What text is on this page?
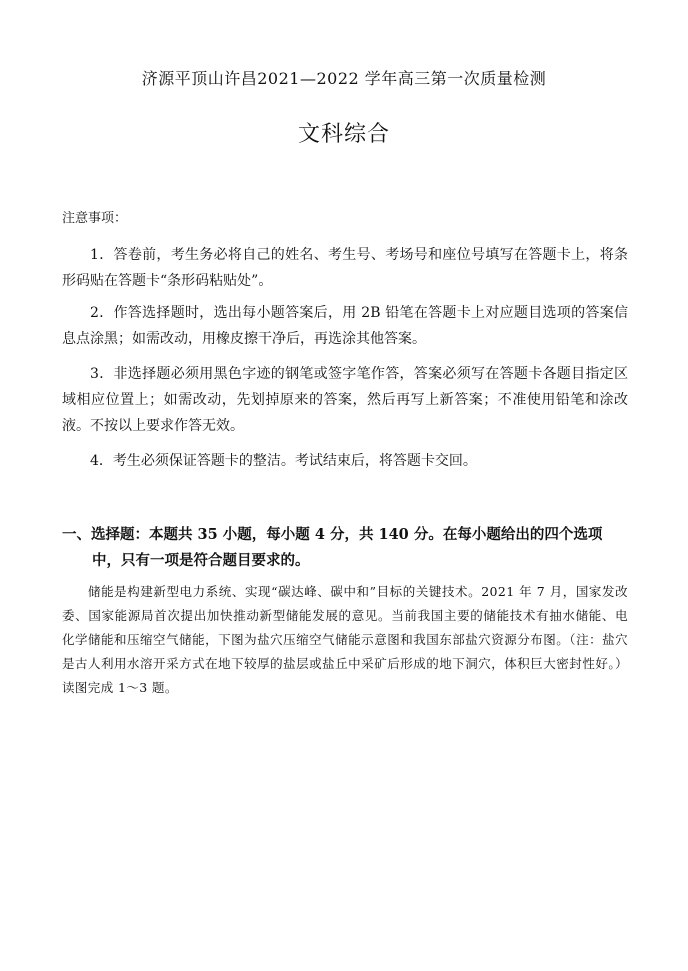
济源平顶山许昌2021—2022 学年高三第一次质量检测
文科综合
注意事项：
1．答卷前，考生务必将自己的姓名、考生号、考场号和座位号填写在答题卡上，将条形码贴在答题卡“条形码粘贴处”。
2．作答选择题时，选出每小题答案后，用 2B 铅笔在答题卡上对应题目选项的答案信息点涂黑；如需改动，用橡皮擦干净后，再选涂其他答案。
3．非选择题必须用黑色字迹的钢笔或签字笔作答，答案必须写在答题卡各题目指定区域相应位置上；如需改动，先划掉原来的答案，然后再写上新答案；不准使用铅笔和涂改液。不按以上要求作答无效。
4．考生必须保证答题卡的整洁。考试结束后，将答题卡交回。
一、选择题：本题共 35 小题，每小题 4 分，共 140 分。在每小题给出的四个选项中，只有一项是符合题目要求的。
储能是构建新型电力系统、实现“碳达峰、碳中和”目标的关键技术。2021 年 7 月，国家发改委、国家能源局首次提出加快推动新型储能发展的意见。当前我国主要的储能技术有抽水储能、电化学储能和压缩空气储能，下图为盐穴压缩空气储能示意图和我国东部盐穴资源分布图。（注：盐穴是古人利用水溶开采方式在地下较厚的盐层或盐丘中采矿后形成的地下洞穴，体积巨大密封性好。）读图完成 1～3 题。
